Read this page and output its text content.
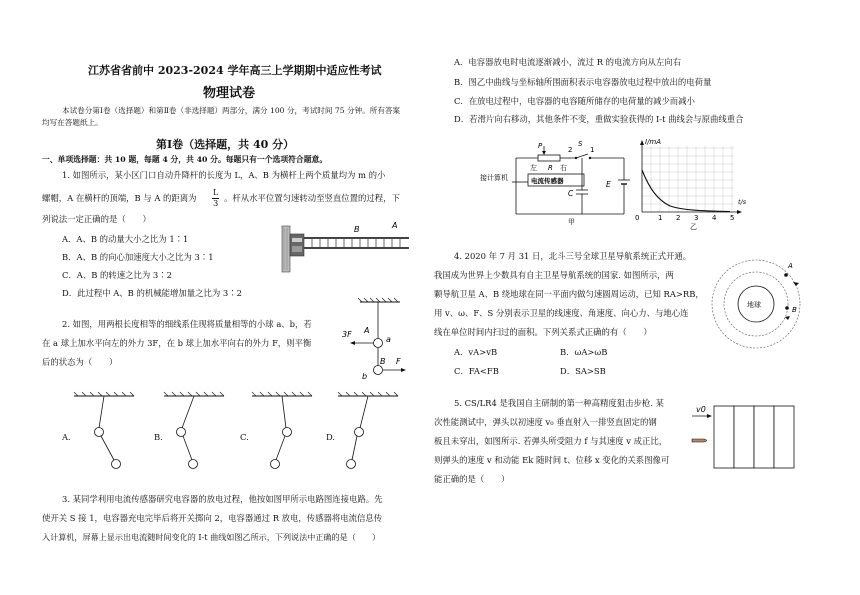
江苏省省前中 2023-2024 学年高三上学期期中适应性考试
物理试卷
本试卷分第Ⅰ卷（选择题）和第Ⅱ卷（非选择题）两部分，满分 100 分，考试时间 75 分钟。所有答案
均写在答题纸上。
第Ⅰ卷（选择题，共 40 分）
一、单项选择题：共 10 题，每题 4 分，共 40 分。每题只有一个选项符合题意。
1. 如图所示，某小区门口自动升降杆的长度为 L，A、B 为横杆上两个质量均为 m 的小
螺帽，A 在横杆的顶端，B 与 A 的距离为 $\frac{L}{3}$ 。杆从水平位置匀速转动至竖直位置的过程，下
列说法一定正确的是（　　）
A．A、B 的动量大小之比为 1∶1
B．A、B 的向心加速度大小之比为 3∶1
C．A、B 的转速之比为 3∶2
D．此过程中 A、B 的机械能增加量之比为 3∶2
B	A
2. 如图，用两根长度相等的细线系住现将质量相等的小球 a、b，若
在 a 球上加水平向左的外力 3F，在 b 球上加水平向右的外力 F，则平衡
后的状态为（　　）
3F A
a
B
b
F
A.	B.	C.	D.
3. 某同学利用电流传感器研究电容器的放电过程，他按如图甲所示电路图连接电路。先
使开关 S 接 1，电容器充电完毕后将开关掷向 2，电容器通过 R 放电，传感器将电流信息传
入计算机，屏幕上显示出电流随时间变化的 I-t 曲线如图乙所示，下列说法中正确的是（　　）
A．电容器放电时电流逐渐减小，流过 R 的电流方向从左向右
B．图乙中曲线与坐标轴所围面积表示电容器放电过程中放出的电荷量
C．在放电过程中，电容器的电容随所储存的电荷量的减少而减小
D．若滑片向右移动，其他条件不变，重做实验获得的 I-t 曲线会与原曲线重合
电流传感器
接计算机
P
左	右
R
2
S
1
E
C
甲
I/mA
t/s
0	1 2 3 4 5
乙
4. 2020 年 7 月 31 日，北斗三号全球卫星导航系统正式开通。
我国成为世界上少数具有自主卫星导航系统的国家. 如图所示，两
颗导航卫星 A、B 绕地球在同一平面内做匀速圆周运动，已知 RA>RB，
用 v、ω、F、S 分别表示卫星的线速度、角速度、向心力、与地心连
线在单位时间内扫过的面积。下列关系式正确的有（　　）
A．vA>vB	B．ωA>ωB
C．FA<FB	D．SA>SB
地球
A
B
5. CS/LR4 是我国自主研制的第一种高精度狙击步枪. 某
次性能测试中，弹头以初速度 v₀ 垂直射入一排竖直固定的钢
板且未穿出，如图所示. 若弹头所受阻力 f 与其速度 v 成正比，
则弹头的速度 v 和动能 Ek 随时间 t、位移 x 变化的关系图像可
能正确的是（　　）
v0
